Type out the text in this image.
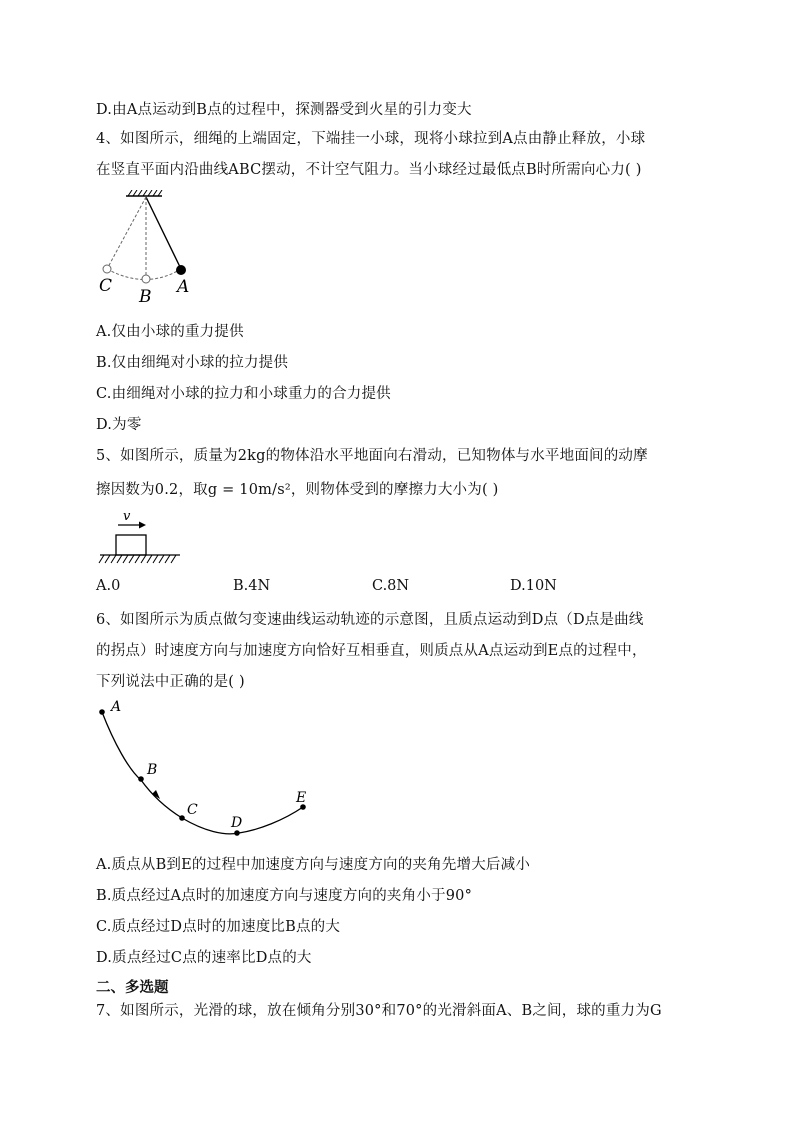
D.由A点运动到B点的过程中，探测器受到火星的引力变大
4、如图所示，细绳的上端固定，下端挂一小球，现将小球拉到A点由静止释放，小球
在竖直平面内沿曲线ABC摆动，不计空气阻力。当小球经过最低点B时所需向心力( )
C
B A
A.仅由小球的重力提供
B.仅由细绳对小球的拉力提供
C.由细绳对小球的拉力和小球重力的合力提供
D.为零
5、如图所示，质量为2kg的物体沿水平地面向右滑动，已知物体与水平地面间的动摩
擦因数为0.2，取g = 10m/s²，则物体受到的摩擦力大小为( )
v
A.0	B.4N	C.8N	D.10N
6、如图所示为质点做匀变速曲线运动轨迹的示意图，且质点运动到D点（D点是曲线
的拐点）时速度方向与加速度方向恰好互相垂直，则质点从A点运动到E点的过程中，
下列说法中正确的是( )
A
B
C
D
E
A.质点从B到E的过程中加速度方向与速度方向的夹角先增大后减小
B.质点经过A点时的加速度方向与速度方向的夹角小于90°
C.质点经过D点时的加速度比B点的大
D.质点经过C点的速率比D点的大
二、多选题
7、如图所示，光滑的球，放在倾角分别30°和70°的光滑斜面A、B之间，球的重力为G
